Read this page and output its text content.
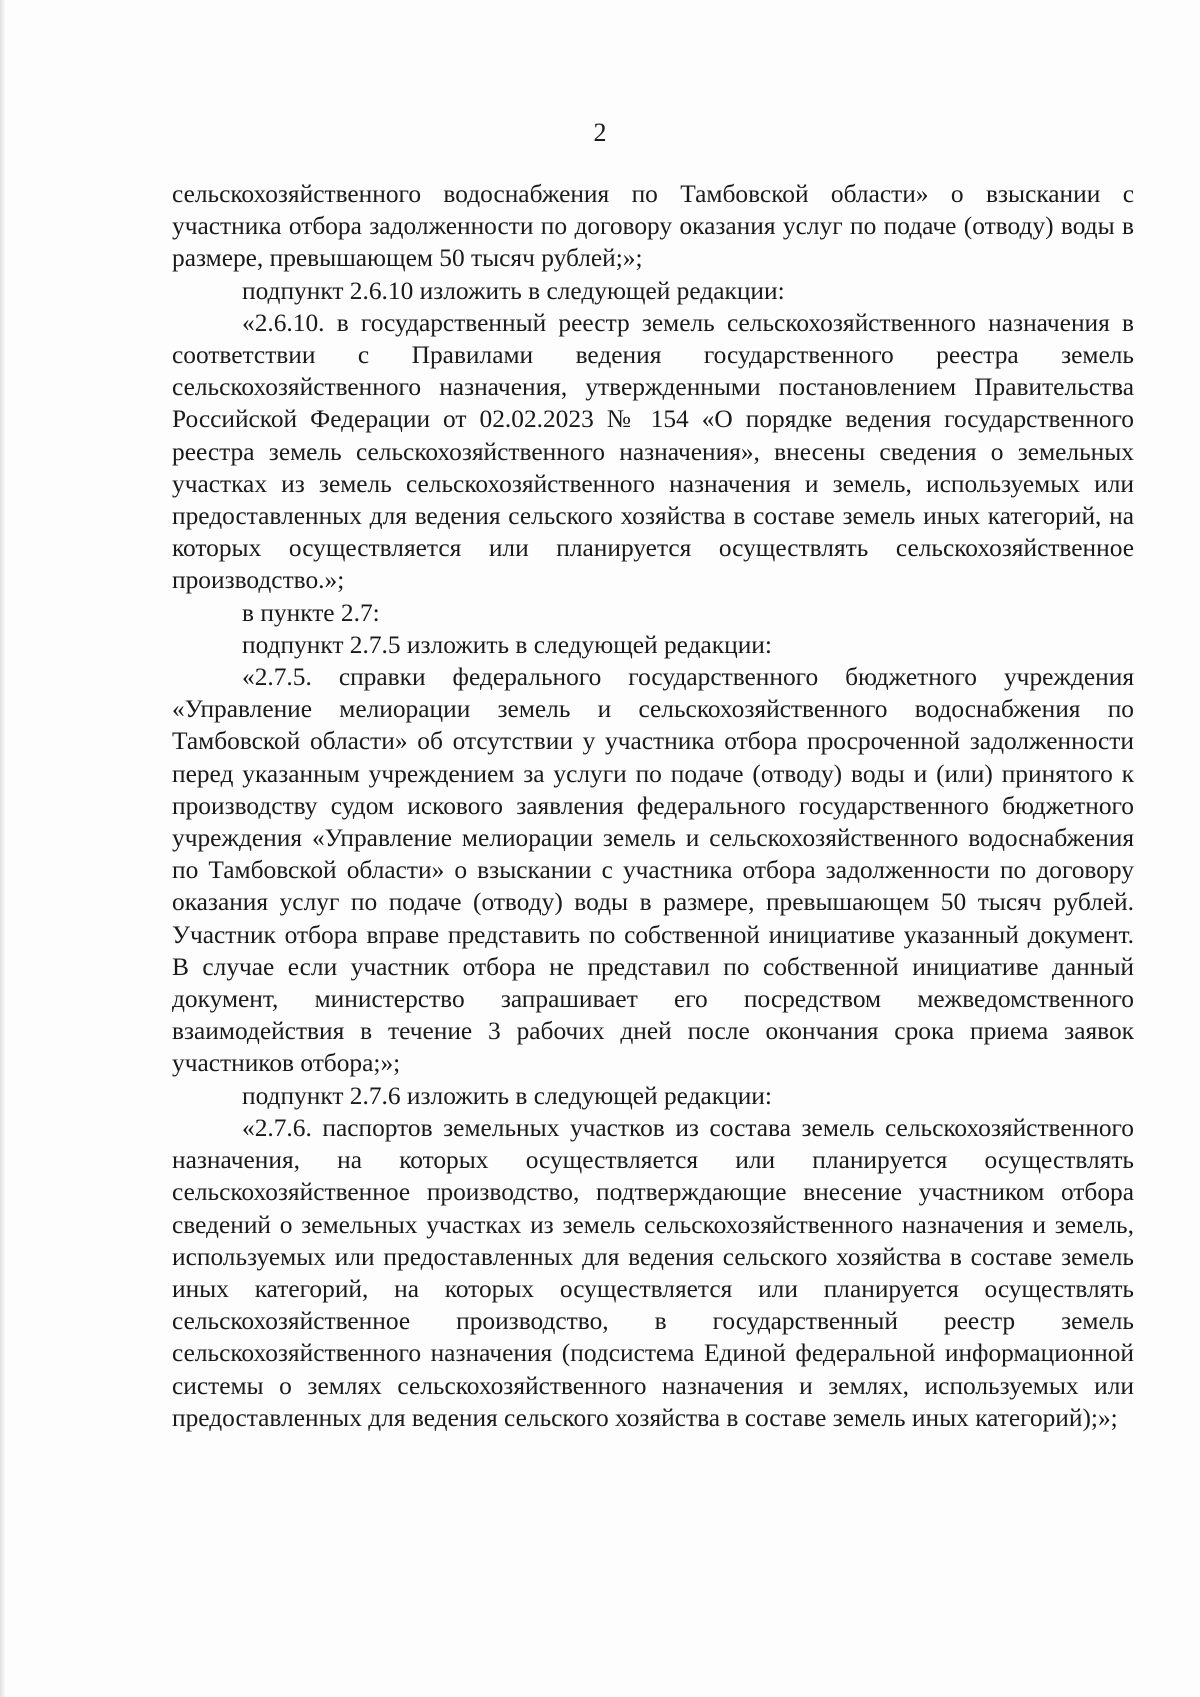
2

сельскохозяйственного водоснабжения по Тамбовской области» о взыскании с участника отбора задолженности по договору оказания услуг по подаче (отводу) воды в размере, превышающем 50 тысяч рублей;»;

подпункт 2.6.10 изложить в следующей редакции:

«2.6.10. в государственный реестр земель сельскохозяйственного назначения в соответствии с Правилами ведения государственного реестра земель сельскохозяйственного назначения, утвержденными постановлением Правительства Российской Федерации от 02.02.2023 № 154 «О порядке ведения государственного реестра земель сельскохозяйственного назначения», внесены сведения о земельных участках из земель сельскохозяйственного назначения и земель, используемых или предоставленных для ведения сельского хозяйства в составе земель иных категорий, на которых осуществляется или планируется осуществлять сельскохозяйственное производство.»;

в пункте 2.7:

подпункт 2.7.5 изложить в следующей редакции:

«2.7.5. справки федерального государственного бюджетного учреждения «Управление мелиорации земель и сельскохозяйственного водоснабжения по Тамбовской области» об отсутствии у участника отбора просроченной задолженности перед указанным учреждением за услуги по подаче (отводу) воды и (или) принятого к производству судом искового заявления федерального государственного бюджетного учреждения «Управление мелиорации земель и сельскохозяйственного водоснабжения по Тамбовской области» о взыскании с участника отбора задолженности по договору оказания услуг по подаче (отводу) воды в размере, превышающем 50 тысяч рублей. Участник отбора вправе представить по собственной инициативе указанный документ. В случае если участник отбора не представил по собственной инициативе данный документ, министерство запрашивает его посредством межведомственного взаимодействия в течение 3 рабочих дней после окончания срока приема заявок участников отбора;»;

подпункт 2.7.6 изложить в следующей редакции:

«2.7.6. паспортов земельных участков из состава земель сельскохозяйственного назначения, на которых осуществляется или планируется осуществлять сельскохозяйственное производство, подтверждающие внесение участником отбора сведений о земельных участках из земель сельскохозяйственного назначения и земель, используемых или предоставленных для ведения сельского хозяйства в составе земель иных категорий, на которых осуществляется или планируется осуществлять сельскохозяйственное производство, в государственный реестр земель сельскохозяйственного назначения (подсистема Единой федеральной информационной системы о землях сельскохозяйственного назначения и землях, используемых или предоставленных для ведения сельского хозяйства в составе земель иных категорий);»;
